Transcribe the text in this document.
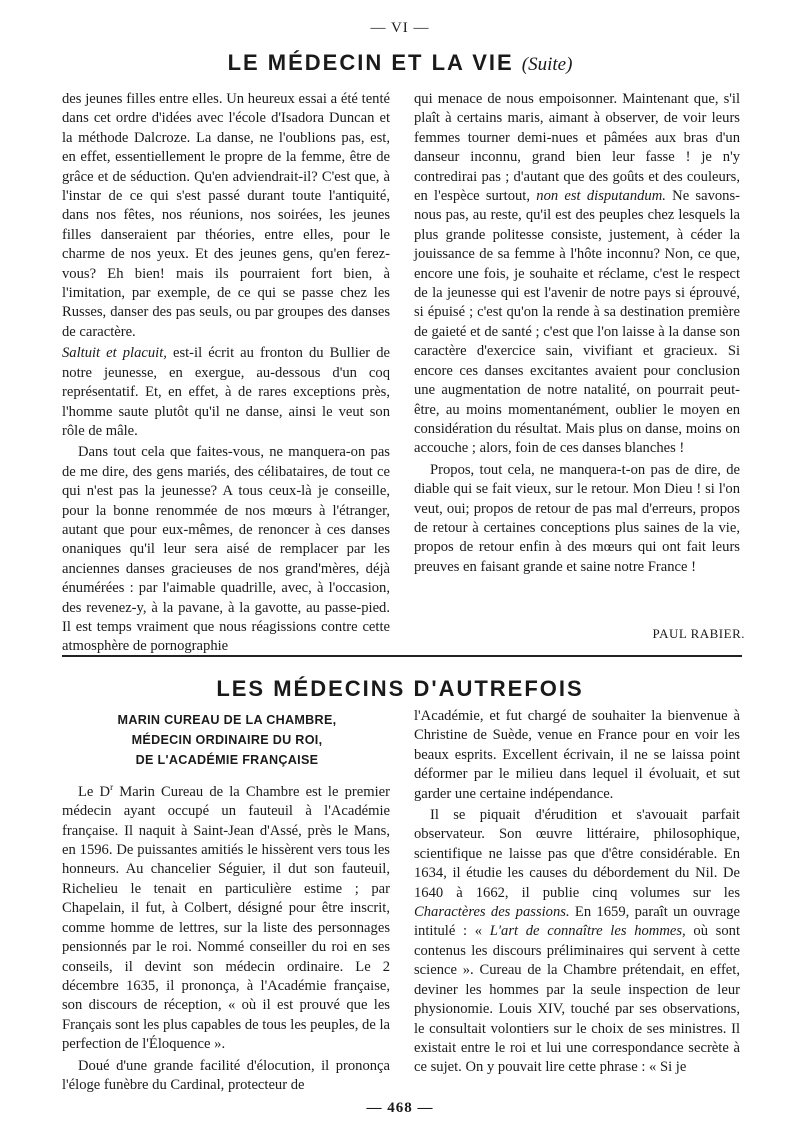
— VI —
LE MÉDECIN ET LA VIE (Suite)

des jeunes filles entre elles. Un heureux essai a été tenté dans cet ordre d'idées avec l'école d'Isadora Duncan et la méthode Dalcroze. La danse, ne l'oublions pas, est, en effet, essentiellement le propre de la femme, être de grâce et de séduction. Qu'en adviendrait-il? C'est que, à l'instar de ce qui s'est passé durant toute l'antiquité, dans nos fêtes, nos réunions, nos soirées, les jeunes filles danseraient par théories, entre elles, pour le charme de nos yeux. Et des jeunes gens, qu'en ferez-vous? Eh bien! mais ils pourraient fort bien, à l'imitation, par exemple, de ce qui se passe chez les Russes, danser des pas seuls, ou par groupes des danses de caractère.

Saltuit et placuit, est-il écrit au fronton du Bullier de notre jeunesse, en exergue, au-dessous d'un coq représentatif. Et, en effet, à de rares exceptions près, l'homme saute plutôt qu'il ne danse, ainsi le veut son rôle de mâle.

Dans tout cela que faites-vous, ne manquera-on pas de me dire, des gens mariés, des célibataires, de tout ce qui n'est pas la jeunesse? A tous ceux-là je conseille, pour la bonne renommée de nos mœurs à l'étranger, autant que pour eux-mêmes, de renoncer à ces danses onaniques qu'il leur sera aisé de remplacer par les anciennes danses gracieuses de nos grand'mères, déjà énumérées : par l'aimable quadrille, avec, à l'occasion, des revenez-y, à la pavane, à la gavotte, au passe-pied. Il est temps vraiment que nous réagissions contre cette atmosphère de pornographie

qui menace de nous empoisonner. Maintenant que, s'il plaît à certains maris, aimant à observer, de voir leurs femmes tourner demi-nues et pâmées aux bras d'un danseur inconnu, grand bien leur fasse ! je n'y contredirai pas ; d'autant que des goûts et des couleurs, en l'espèce surtout, non est disputandum. Ne savons-nous pas, au reste, qu'il est des peuples chez lesquels la plus grande politesse consiste, justement, à céder la jouissance de sa femme à l'hôte inconnu? Non, ce que, encore une fois, je souhaite et réclame, c'est le respect de la jeunesse qui est l'avenir de notre pays si éprouvé, si épuisé ; c'est qu'on la rende à sa destination première de gaieté et de santé ; c'est que l'on laisse à la danse son caractère d'exercice sain, vivifiant et gracieux. Si encore ces danses excitantes avaient pour conclusion une augmentation de notre natalité, on pourrait peut-être, au moins momentanément, oublier le moyen en considération du résultat. Mais plus on danse, moins on accouche ; alors, foin de ces danses blanches !

Propos, tout cela, ne manquera-t-on pas de dire, de diable qui se fait vieux, sur le retour. Mon Dieu ! si l'on veut, oui; propos de retour de pas mal d'erreurs, propos de retour à certaines conceptions plus saines de la vie, propos de retour enfin à des mœurs qui ont fait leurs preuves en faisant grande et saine notre France !

PAUL RABIER.
LES MÉDECINS D'AUTREFOIS
MARIN CUREAU DE LA CHAMBRE,
MÉDECIN ORDINAIRE DU ROI,
DE L'ACADÉMIE FRANÇAISE

Le $D^r$ Marin Cureau de la Chambre est le premier médecin ayant occupé un fauteuil à l'Académie française. Il naquit à Saint-Jean d'Assé, près le Mans, en 1596. De puissantes amitiés le hissèrent vers tous les honneurs. Au chancelier Séguier, il dut son fauteuil, Richelieu le tenait en particulière estime ; par Chapelain, il fut, à Colbert, désigné pour être inscrit, comme homme de lettres, sur la liste des personnages pensionnés par le roi. Nommé conseiller du roi en ses conseils, il devint son médecin ordinaire. Le 2 décembre 1635, il prononça, à l'Académie française, son discours de réception, « où il est prouvé que les Français sont les plus capables de tous les peuples, de la perfection de l'Éloquence ».

Doué d'une grande facilité d'élocution, il prononça l'éloge funèbre du Cardinal, protecteur de

l'Académie, et fut chargé de souhaiter la bienvenue à Christine de Suède, venue en France pour en voir les beaux esprits. Excellent écrivain, il ne se laissa point déformer par le milieu dans lequel il évoluait, et sut garder une certaine indépendance.

Il se piquait d'érudition et s'avouait parfait observateur. Son œuvre littéraire, philosophique, scientifique ne laisse pas que d'être considérable. En 1634, il étudie les causes du débordement du Nil. De 1640 à 1662, il publie cinq volumes sur les Charactères des passions. En 1659, paraît un ouvrage intitulé : « L'art de connaître les hommes, où sont contenus les discours préliminaires qui servent à cette science ». Cureau de la Chambre prétendait, en effet, deviner les hommes par la seule inspection de leur physionomie. Louis XIV, touché par ses observations, le consultait volontiers sur le choix de ses ministres. Il existait entre le roi et lui une correspondance secrète à ce sujet. On y pouvait lire cette phrase : « Si je

— 468 —
